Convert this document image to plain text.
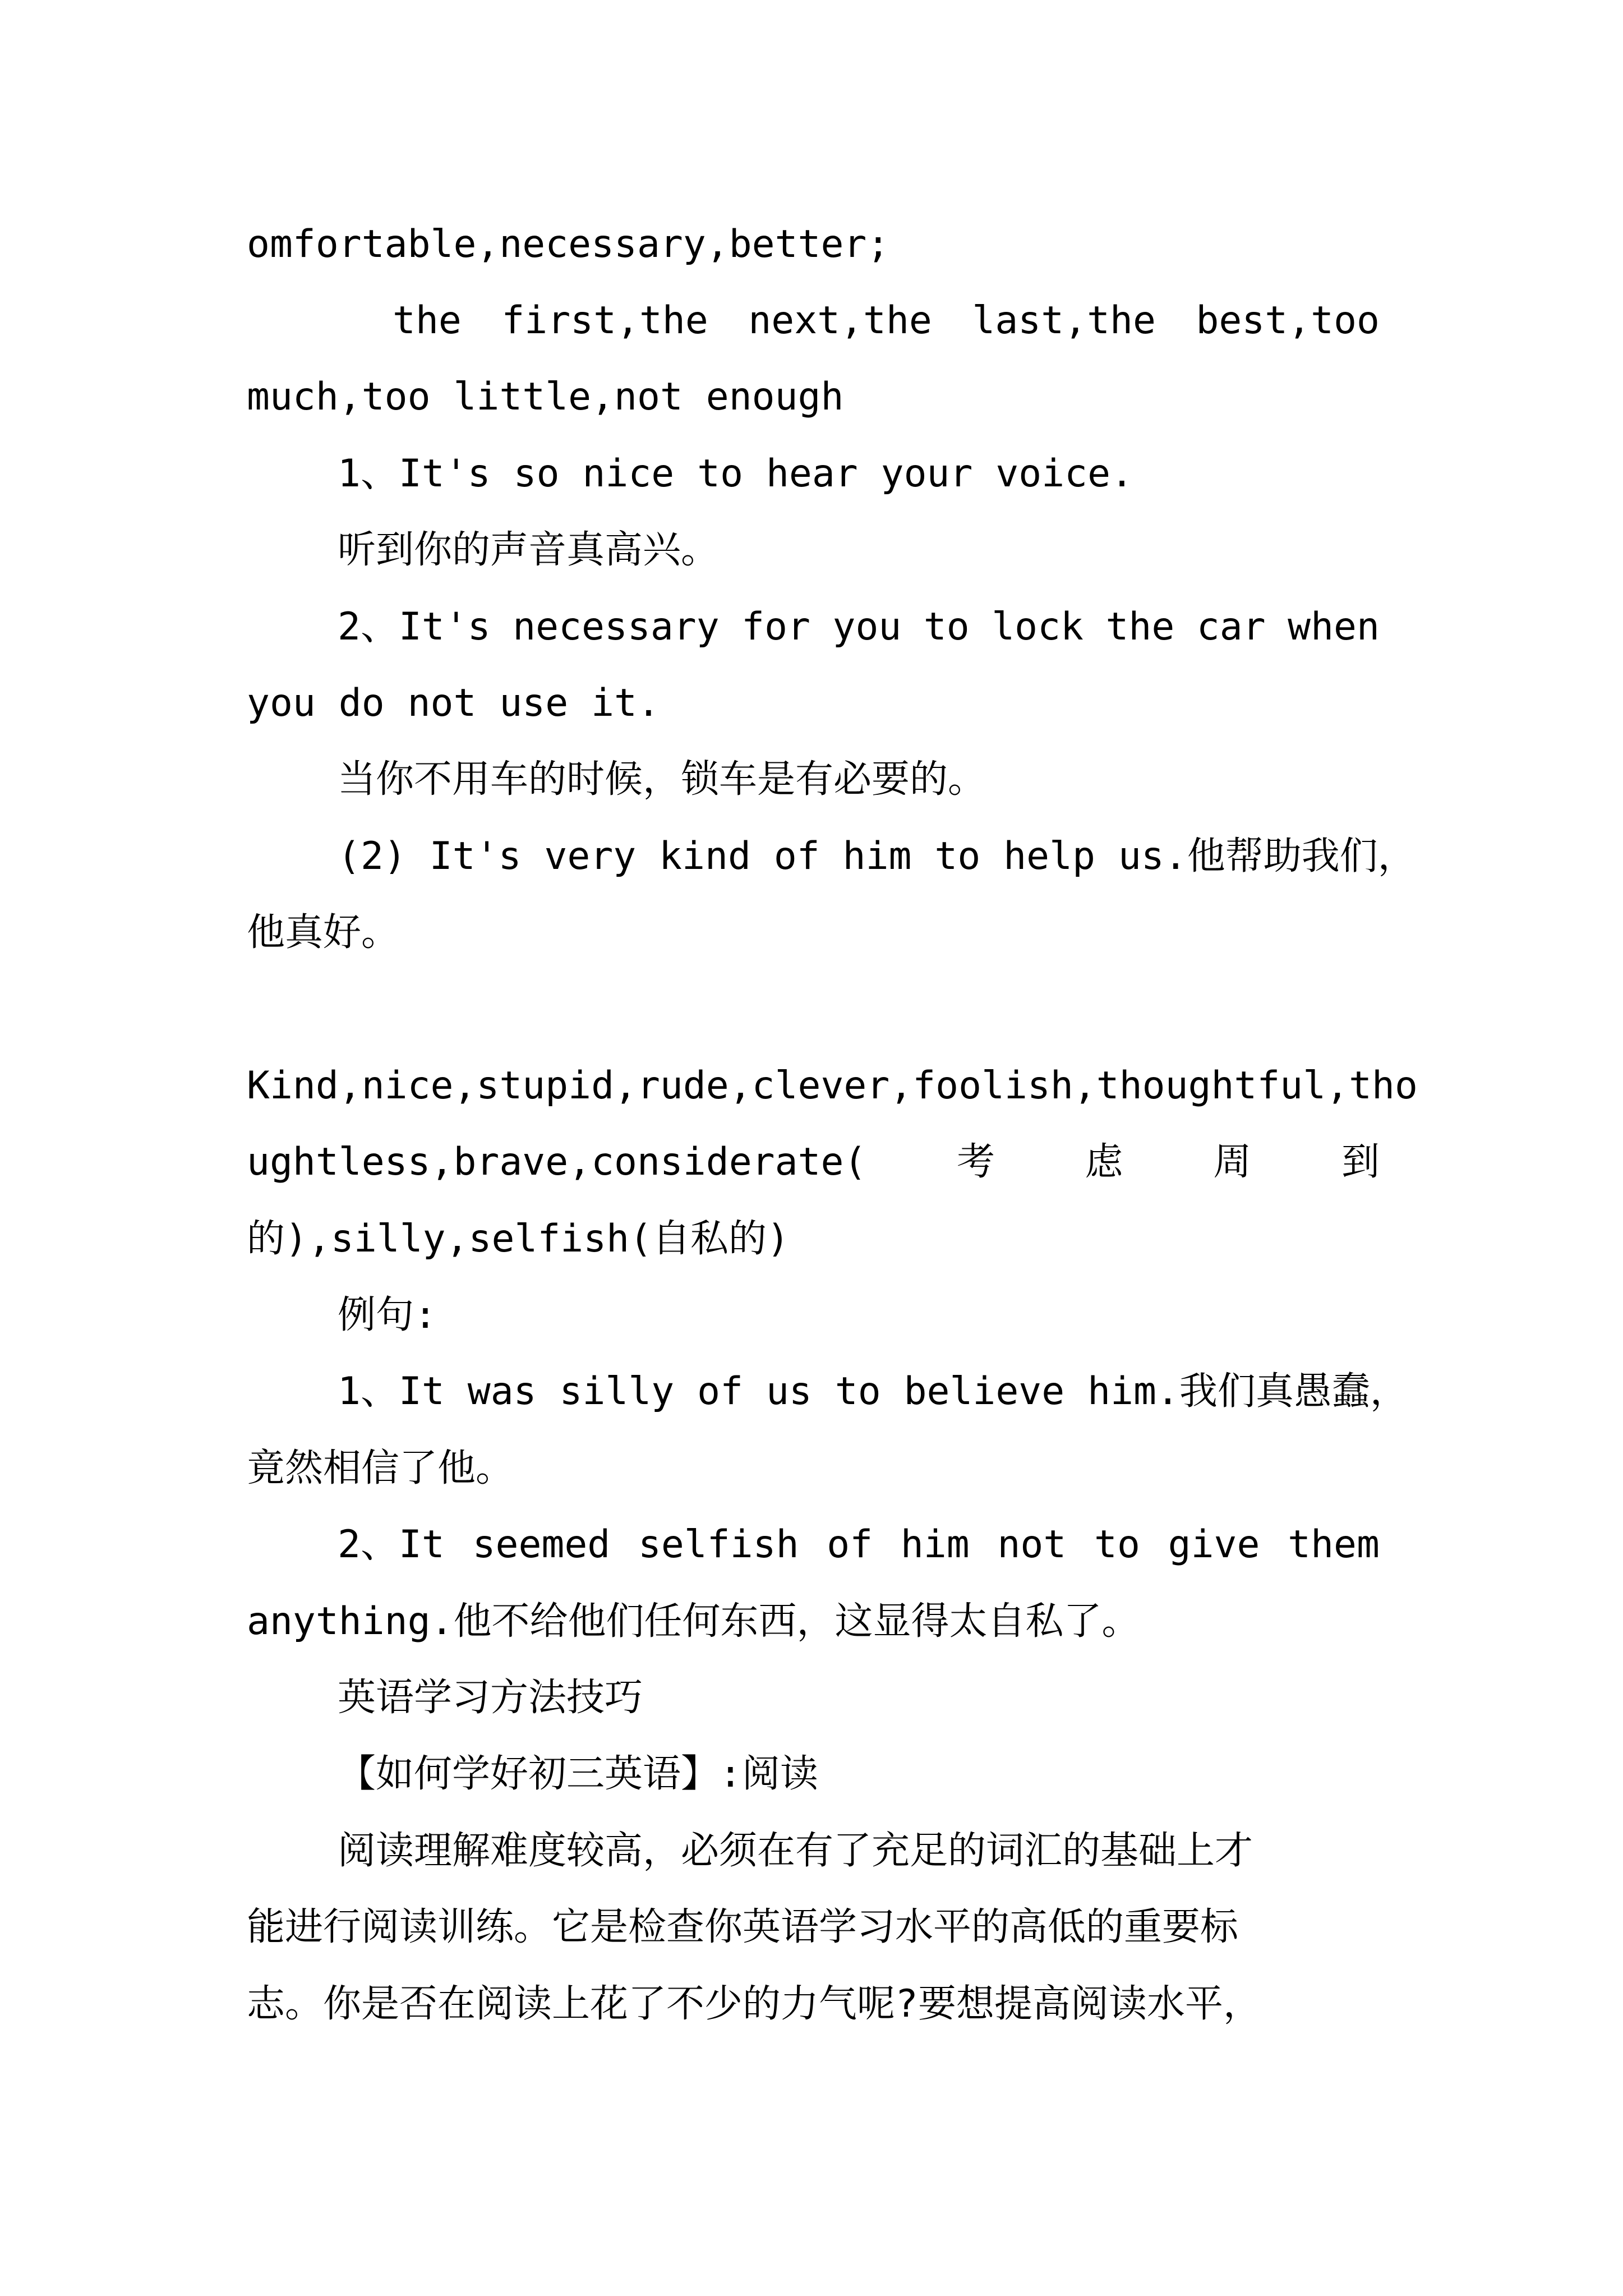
omfortable,necessary,better;
the first,the next,the last,the best,too
much,too little,not enough
1、It's so nice to hear your voice.
听到你的声音真高兴。
2、It's necessary for you to lock the car when
you do not use it.
当你不用车的时候，锁车是有必要的。
(2) It's very kind of him to help us.他帮助我们，
他真好。
Kind,nice,stupid,rude,clever,foolish,thoughtful,tho
ughtless,brave,considerate( 考 虑 周 到
的),silly,selfish(自私的)
例句:
1、It was silly of us to believe him.我们真愚蠢，
竟然相信了他。
2、It seemed selfish of him not to give them
anything.他不给他们任何东西，这显得太自私了。
英语学习方法技巧
【如何学好初三英语】:阅读
阅读理解难度较高，必须在有了充足的词汇的基础上才
能进行阅读训练。它是检查你英语学习水平的高低的重要标
志。你是否在阅读上花了不少的力气呢?要想提高阅读水平，
